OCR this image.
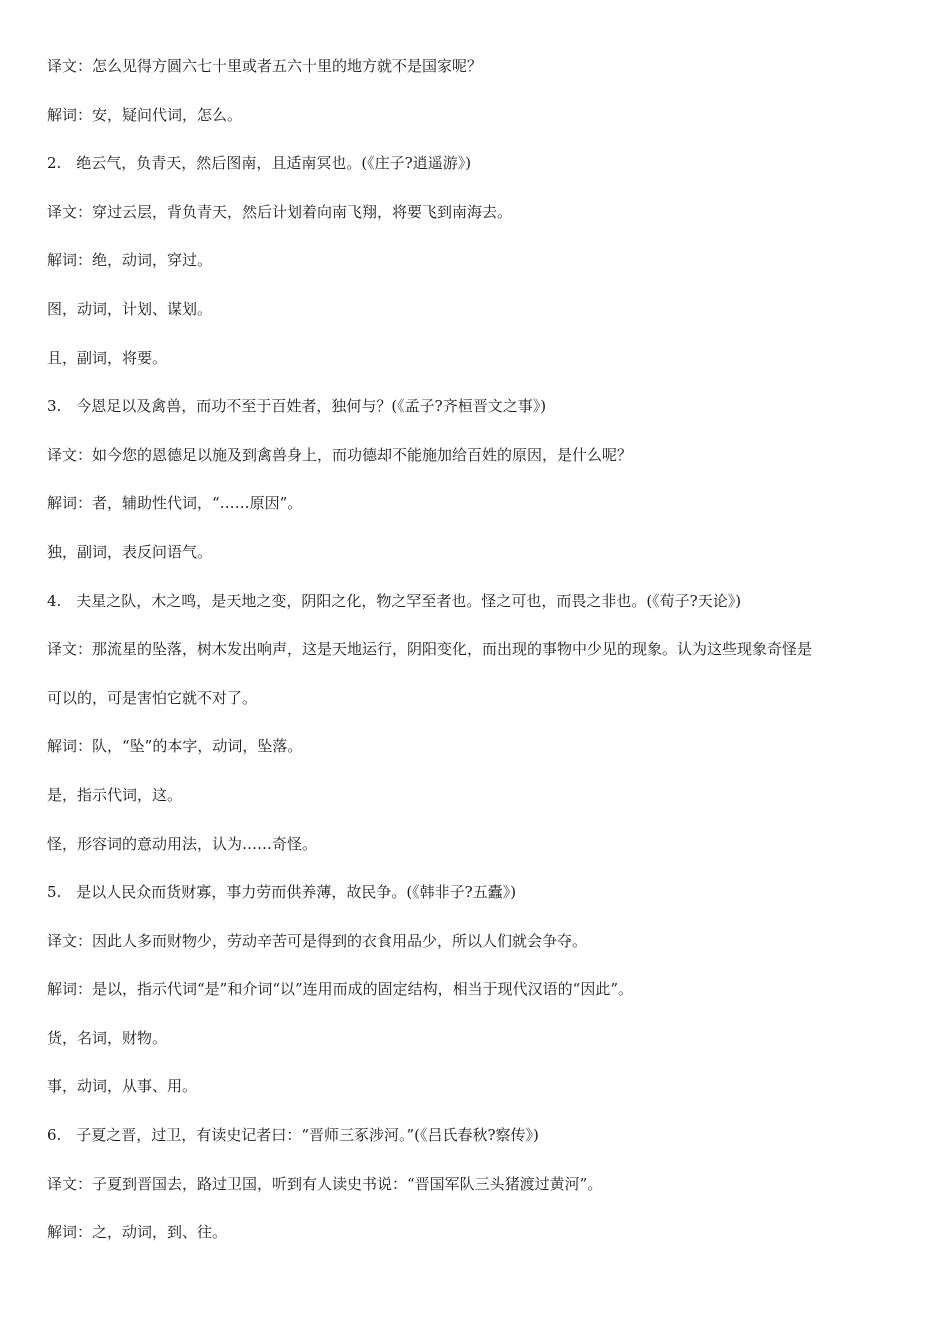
译文：怎么见得方圆六七十里或者五六十里的地方就不是国家呢？
解词：安，疑问代词，怎么。
2.　绝云气，负青天，然后图南，且适南冥也。(《庄子?逍遥游》)
译文：穿过云层，背负青天，然后计划着向南飞翔，将要飞到南海去。
解词：绝，动词，穿过。
图，动词，计划、谋划。
且，副词，将要。
3.　今恩足以及禽兽，而功不至于百姓者，独何与？(《孟子?齐桓晋文之事》)
译文：如今您的恩德足以施及到禽兽身上，而功德却不能施加给百姓的原因，是什么呢？
解词：者，辅助性代词，“……原因”。
独，副词，表反问语气。
4.　夫星之队，木之鸣，是天地之变，阴阳之化，物之罕至者也。怪之可也，而畏之非也。(《荀子?天论》)
译文：那流星的坠落，树木发出响声，这是天地运行，阴阳变化，而出现的事物中少见的现象。认为这些现象奇怪是
可以的，可是害怕它就不对了。
解词：队，“坠”的本字，动词，坠落。
是，指示代词，这。
怪，形容词的意动用法，认为……奇怪。
5.　是以人民众而货财寡，事力劳而供养薄，故民争。(《韩非子?五蠹》)
译文：因此人多而财物少，劳动辛苦可是得到的衣食用品少，所以人们就会争夺。
解词：是以，指示代词“是”和介词“以”连用而成的固定结构，相当于现代汉语的“因此”。
货，名词，财物。
事，动词，从事、用。
6.　子夏之晋，过卫，有读史记者曰：“晋师三豖涉河。”(《吕氏春秋?察传》)
译文：子夏到晋国去，路过卫国，听到有人读史书说：“晋国军队三头猪渡过黄河”。
解词：之，动词，到、往。
